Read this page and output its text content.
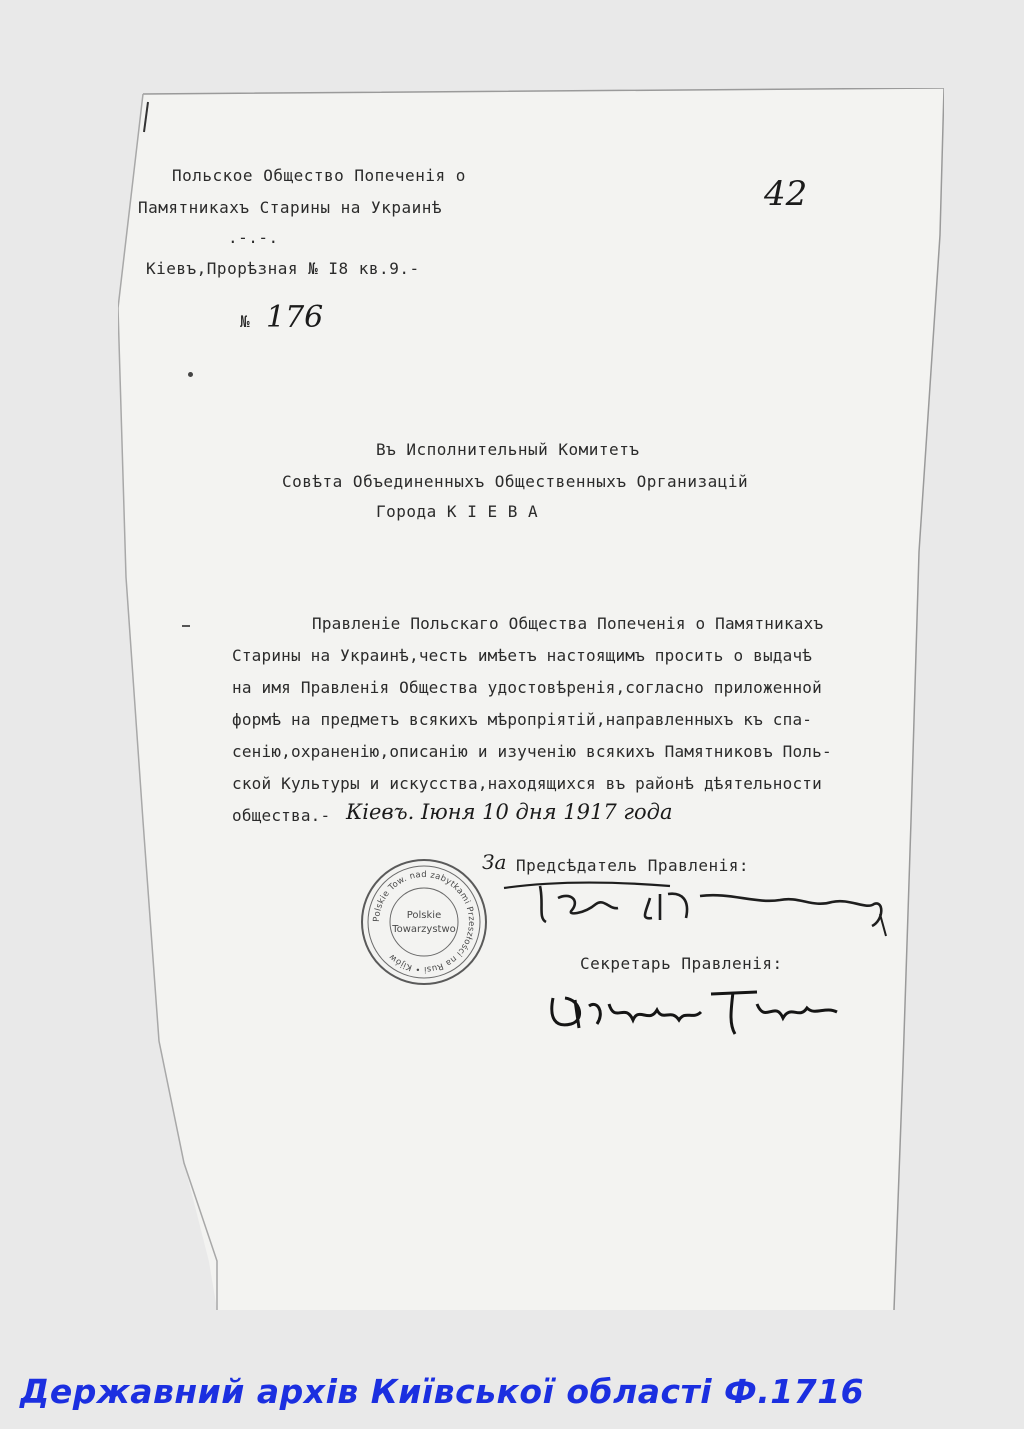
Польское Общество Попеченія о
Памятникахъ Старины на Украинѣ
.-.-.
Кіевъ,Прорѣзная № I8 кв.9.-
№ 176
42
Въ Исполнительный Комитетъ
Совѣта Объединенныхъ Общественныхъ Организацій
Города К І Е В А
Правленіе Польскаго Общества Попеченія о Памятникахъ
Старины на Украинѣ,честь имѣетъ настоящимъ просить о выдачѣ
на имя Правленія Общества удостовѣренія,согласно приложенной
формѣ на предметъ всякихъ мѣропріятій,направленныхъ къ спа-
сенію,охраненію,описанію и изученію всякихъ Памятниковъ Поль-
ской Культуры и искусства,находящихся въ районѣ дѣятельности
общества.- Кіевъ. Іюня 10 дня 1917 года
За Предсѣдатель Правленія:
Секретарь Правленія:
Polskie Tow. nad zabytkami Przeszłości na Rusi • Kijów
Polskie
Towarzystwo
Державний архів Київської області Ф.1716
